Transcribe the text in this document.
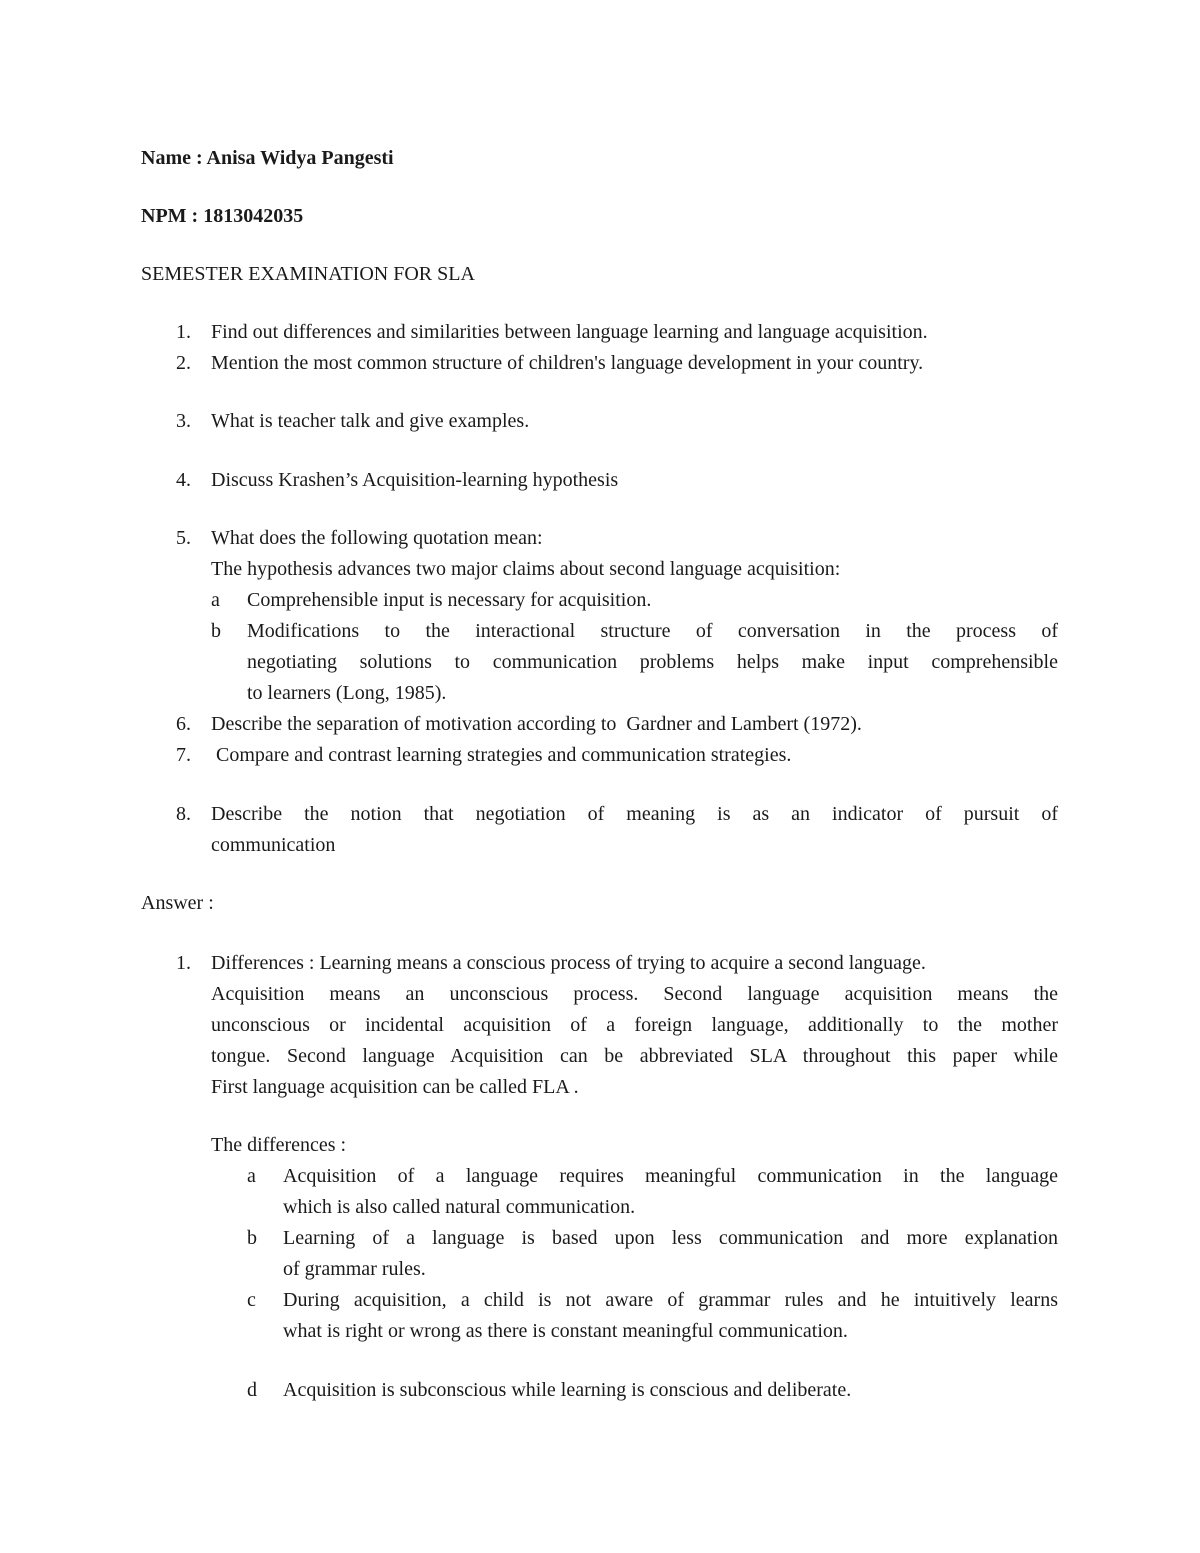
Name : Anisa Widya Pangesti
NPM : 1813042035
SEMESTER EXAMINATION FOR SLA
1. Find out differences and similarities between language learning and language acquisition.
2. Mention the most common structure of children's language development in your country.
3. What is teacher talk and give examples.
4. Discuss Krashen’s Acquisition-learning hypothesis
5. What does the following quotation mean:
The hypothesis advances two major claims about second language acquisition:
a Comprehensible input is necessary for acquisition.
b Modifications to the interactional structure of conversation in the process of
negotiating solutions to communication problems helps make input comprehensible
to learners (Long, 1985).
6. Describe the separation of motivation according to  Gardner and Lambert (1972).
7. Compare and contrast learning strategies and communication strategies.
8. Describe the notion that negotiation of meaning is as an indicator of pursuit of
communication
Answer :
1. Differences : Learning means a conscious process of trying to acquire a second language.
Acquisition means an unconscious process. Second language acquisition means the
unconscious or incidental acquisition of a foreign language, additionally to the mother
tongue. Second language Acquisition can be abbreviated SLA throughout this paper while
First language acquisition can be called FLA .
The differences :
a Acquisition of a language requires meaningful communication in the language
which is also called natural communication.
b Learning of a language is based upon less communication and more explanation
of grammar rules.
c During acquisition, a child is not aware of grammar rules and he intuitively learns
what is right or wrong as there is constant meaningful communication.
d Acquisition is subconscious while learning is conscious and deliberate.
